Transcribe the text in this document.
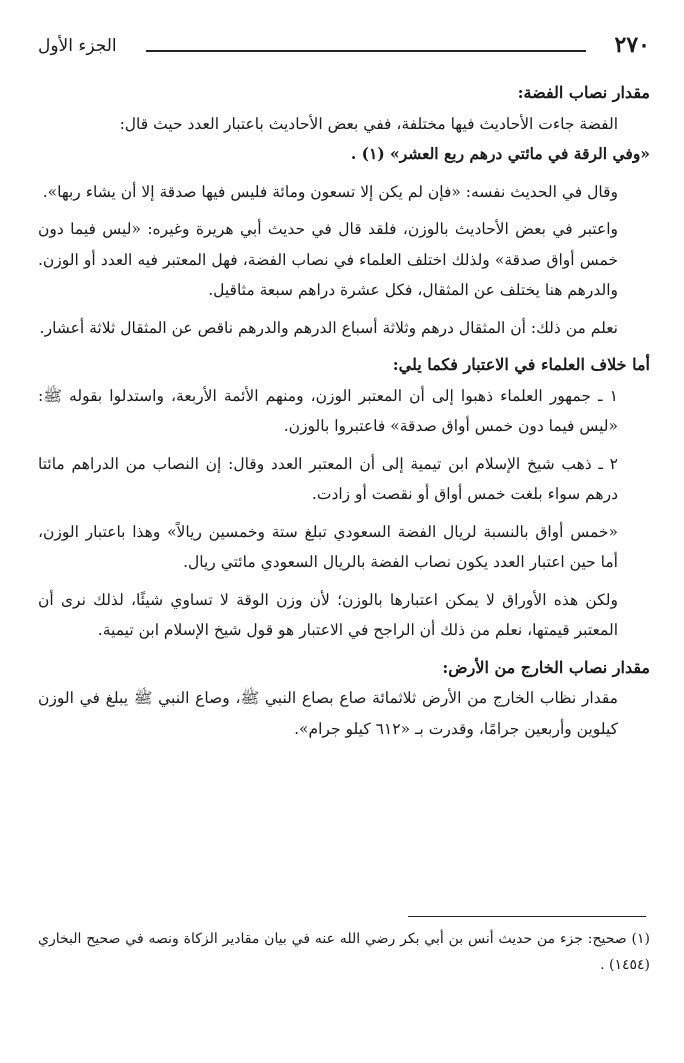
٢٧٠
الجزء الأول

مقدار نصاب الفضة:

الفضة جاءت الأحاديث فيها مختلفة، ففي بعض الأحاديث باعتبار العدد حيث قال:

«وفي الرقة في مائتي درهم ربع العشر» (١) .

وقال في الحديث نفسه: «فإن لم يكن إلا تسعون ومائة فليس فيها صدقة إلا أن يشاء ربها».

واعتبر في بعض الأحاديث بالوزن، فلقد قال في حديث أبي هريرة وغيره: «ليس فيما دون خمس أواق صدقة» ولذلك اختلف العلماء في نصاب الفضة، فهل المعتبر فيه العدد أو الوزن. والدرهم هنا يختلف عن المثقال، فكل عشرة دراهم سبعة مثاقيل.

نعلم من ذلك: أن المثقال درهم وثلاثة أسباع الدرهم والدرهم ناقص عن المثقال ثلاثة أعشار.

أما خلاف العلماء في الاعتبار فكما يلي:

١ ـ جمهور العلماء ذهبوا إلى أن المعتبر الوزن، ومنهم الأئمة الأربعة، واستدلوا بقوله ﷺ: «ليس فيما دون خمس أواق صدقة» فاعتبروا بالوزن.

٢ ـ ذهب شيخ الإسلام ابن تيمية إلى أن المعتبر العدد وقال: إن النصاب من الدراهم مائتا درهم سواء بلغت خمس أواق أو نقصت أو زادت.

«خمس أواق بالنسبة لريال الفضة السعودي تبلغ ستة وخمسين ريالاً» وهذا باعتبار الوزن، أما حين اعتبار العدد يكون نصاب الفضة بالريال السعودي مائتي ريال.

ولكن هذه الأوراق لا يمكن اعتبارها بالوزن؛ لأن وزن الوقة لا تساوي شيئًا، لذلك نرى أن المعتبر قيمتها، نعلم من ذلك أن الراجح في الاعتبار هو قول شيخ الإسلام ابن تيمية.

مقدار نصاب الخارج من الأرض:

مقدار نظاب الخارج من الأرض ثلاثمائة صاع بصاع النبي ﷺ، وصاع النبي ﷺ يبلغ في الوزن كيلوين وأربعين جرامًا، وقدرت بـ «٦١٢ كيلو جرام».

(١) صحيح: جزء من حديث أنس بن أبي بكر رضي الله عنه في بيان مقادير الزكاة ونصه في صحيح البخاري (١٤٥٤) .
